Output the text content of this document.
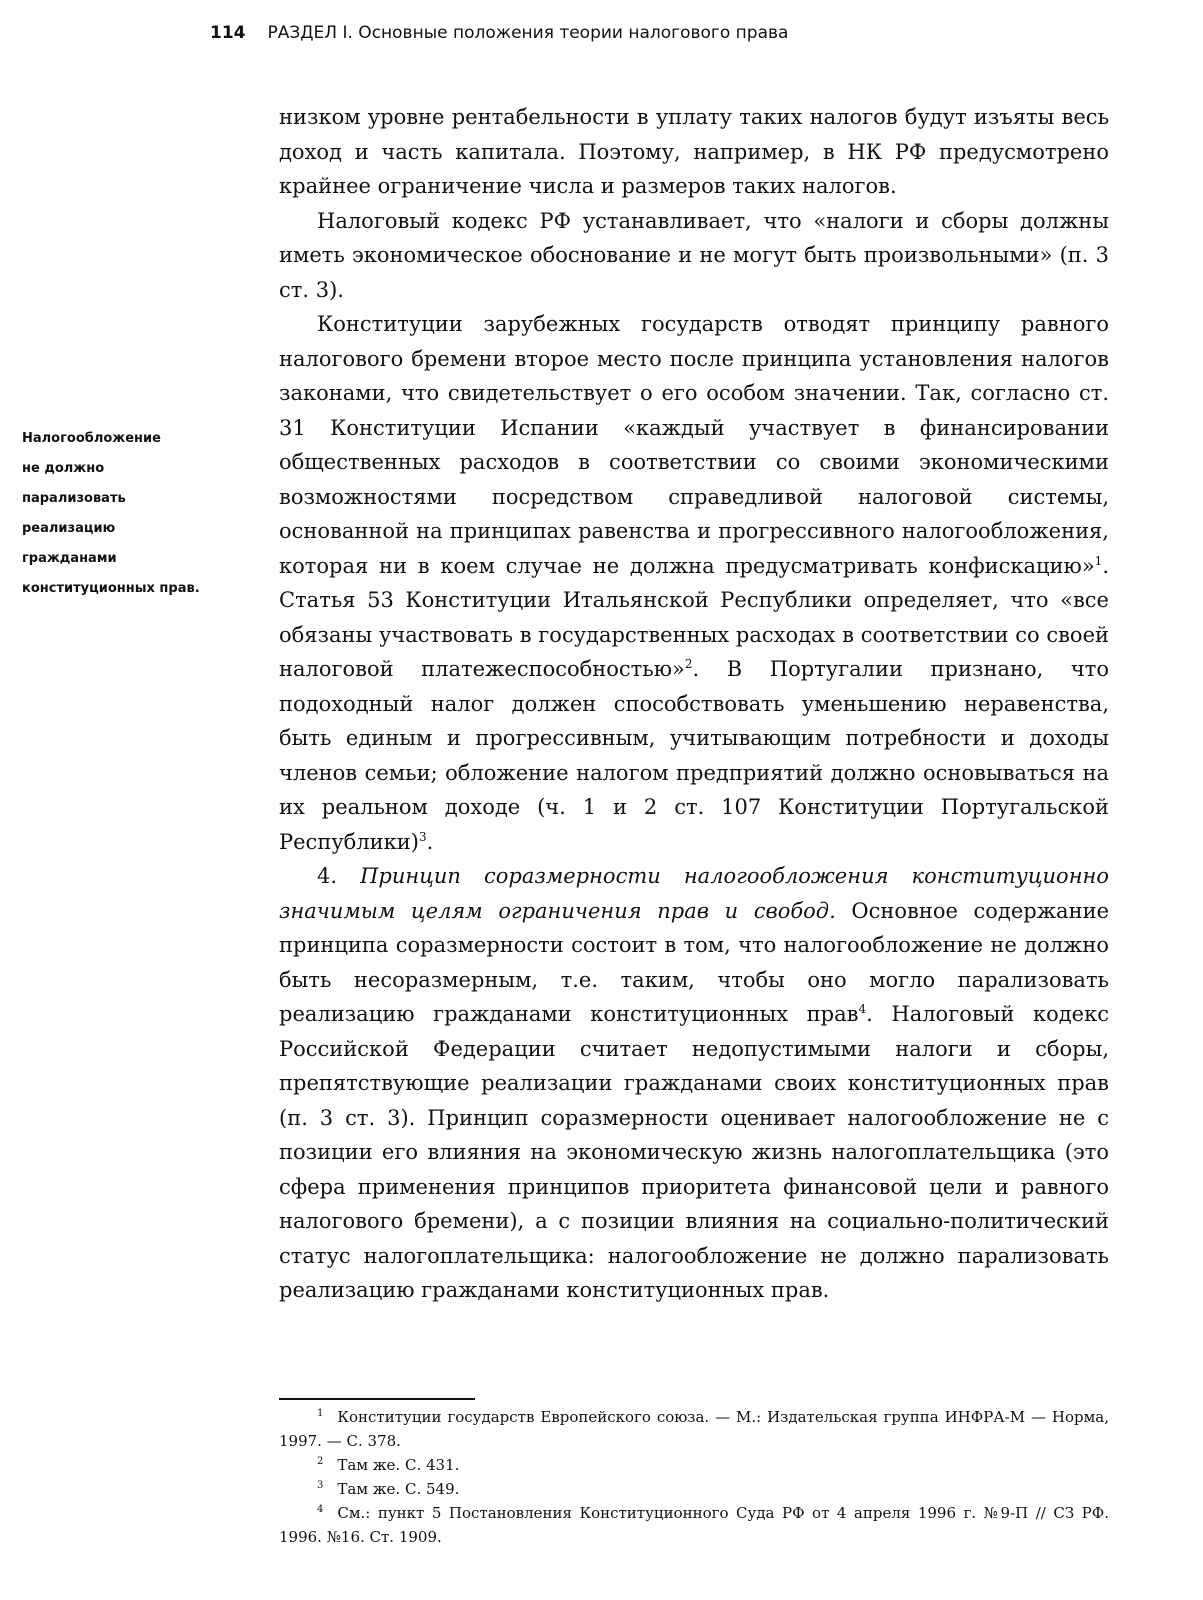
114 РАЗДЕЛ I. Основные положения теории налогового права
Налогообложение
не должно
парализовать
реализацию
гражданами
конституционных прав.

низком уровне рентабельности в уплату таких налогов будут изъяты весь доход и часть капитала. Поэтому, например, в НК РФ предусмотрено крайнее ограничение числа и размеров таких налогов.

Налоговый кодекс РФ устанавливает, что «налоги и сборы должны иметь экономическое обоснование и не могут быть произвольными» (п. 3 ст. 3).

Конституции зарубежных государств отводят принципу равного налогового бремени второе место после принципа установления налогов законами, что свидетельствует о его особом значении. Так, согласно ст. 31 Конституции Испании «каждый участвует в финансировании общественных расходов в соответствии со своими экономическими возможностями посредством справедливой налоговой системы, основанной на принципах равенства и прогрессивного налогообложения, которая ни в коем случае не должна предусматривать конфискацию»$^1$. Статья 53 Конституции Итальянской Республики определяет, что «все обязаны участвовать в государственных расходах в соответствии со своей налоговой платежеспособностью»$^2$. В Португалии признано, что подоходный налог должен способствовать уменьшению неравенства, быть единым и прогрессивным, учитывающим потребности и доходы членов семьи; обложение налогом предприятий должно основываться на их реальном доходе (ч. 1 и 2 ст. 107 Конституции Португальской Республики)$^3$.

4. Принцип соразмерности налогообложения конституционно значимым целям ограничения прав и свобод. Основное содержание принципа соразмерности состоит в том, что налогообложение не должно быть несоразмерным, т.е. таким, чтобы оно могло парализовать реализацию гражданами конституционных прав$^4$. Налоговый кодекс Российской Федерации считает недопустимыми налоги и сборы, препятствующие реализации гражданами своих конституционных прав (п. 3 ст. 3). Принцип соразмерности оценивает налогообложение не с позиции его влияния на экономическую жизнь налогоплательщика (это сфера применения принципов приоритета финансовой цели и равного налогового бремени), а с позиции влияния на социально-политический статус налогоплательщика: налогообложение не должно парализовать реализацию гражданами конституционных прав.

$^1$ Конституции государств Европейского союза. — М.: Издательская группа ИНФРА-М — Норма, 1997. — С. 378.

$^2$ Там же. С. 431.

$^3$ Там же. С. 549.

$^4$ См.: пункт 5 Постановления Конституционного Суда РФ от 4 апреля 1996 г. №9-П // СЗ РФ. 1996. №16. Ст. 1909.
